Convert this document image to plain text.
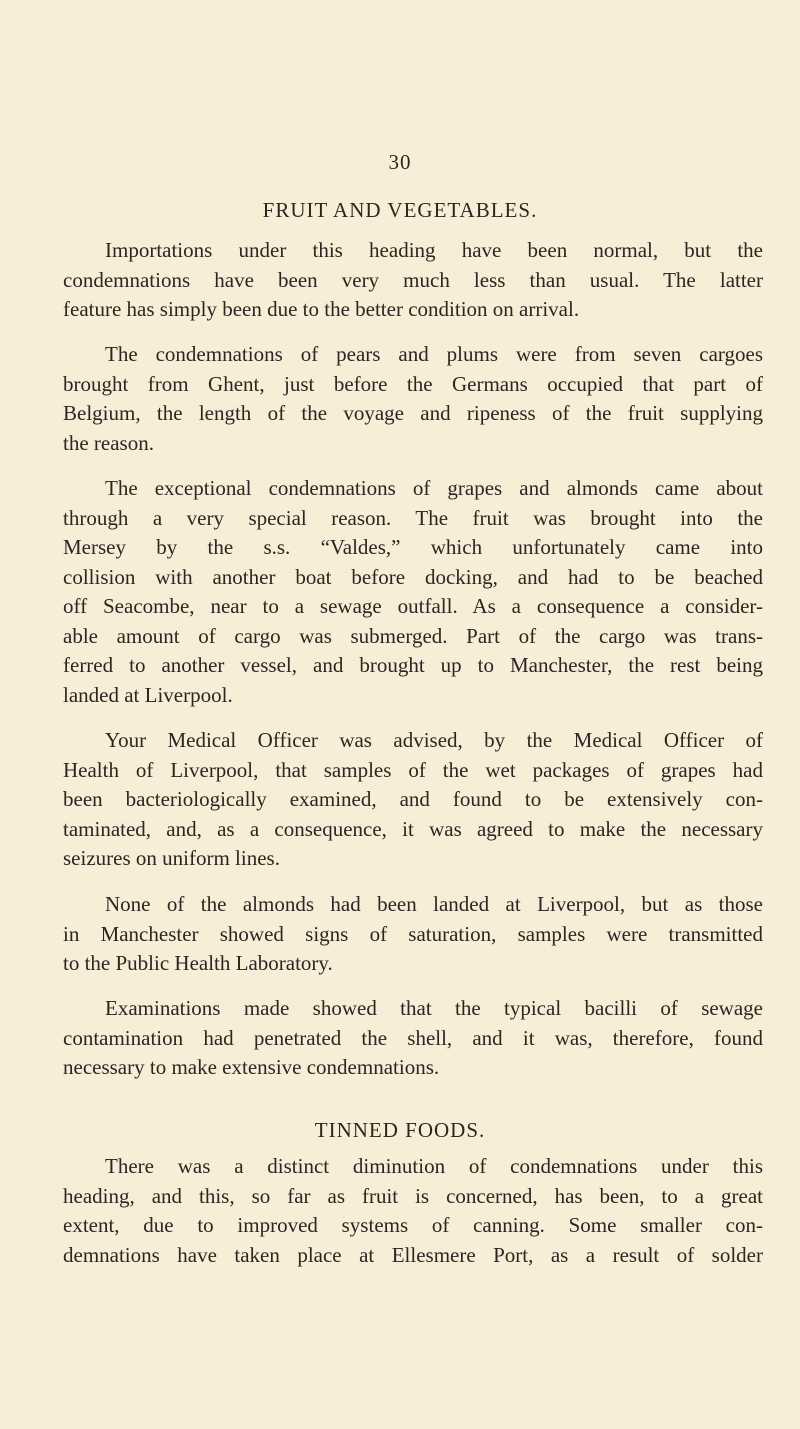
30
FRUIT AND VEGETABLES.
Importations under this heading have been normal, but the
condemnations have been very much less than usual. The latter
feature has simply been due to the better condition on arrival.
The condemnations of pears and plums were from seven cargoes
brought from Ghent, just before the Germans occupied that part of
Belgium, the length of the voyage and ripeness of the fruit supplying
the reason.
The exceptional condemnations of grapes and almonds came about
through a very special reason. The fruit was brought into the
Mersey by the s.s. “Valdes,” which unfortunately came into
collision with another boat before docking, and had to be beached
off Seacombe, near to a sewage outfall. As a consequence a consider-
able amount of cargo was submerged. Part of the cargo was trans-
ferred to another vessel, and brought up to Manchester, the rest being
landed at Liverpool.
Your Medical Officer was advised, by the Medical Officer of
Health of Liverpool, that samples of the wet packages of grapes had
been bacteriologically examined, and found to be extensively con-
taminated, and, as a consequence, it was agreed to make the necessary
seizures on uniform lines.
None of the almonds had been landed at Liverpool, but as those
in Manchester showed signs of saturation, samples were transmitted
to the Public Health Laboratory.
Examinations made showed that the typical bacilli of sewage
contamination had penetrated the shell, and it was, therefore, found
necessary to make extensive condemnations.
TINNED FOODS.
There was a distinct diminution of condemnations under this
heading, and this, so far as fruit is concerned, has been, to a great
extent, due to improved systems of canning. Some smaller con-
demnations have taken place at Ellesmere Port, as a result of solder
